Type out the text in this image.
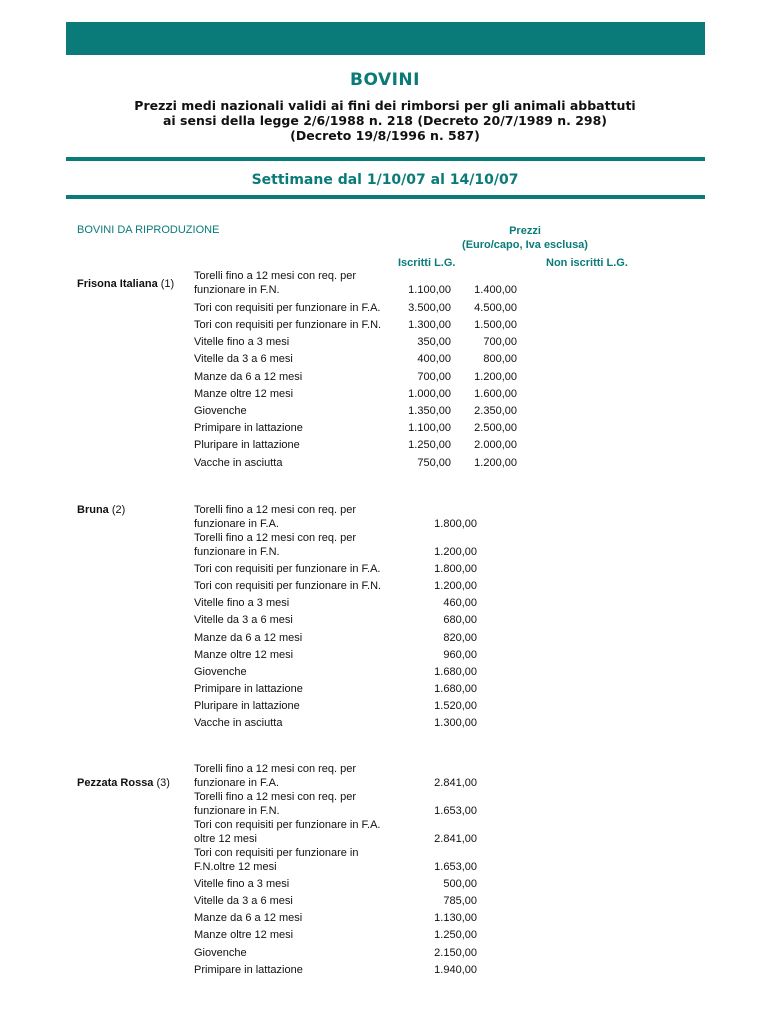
BOVINI
Prezzi medi nazionali validi ai fini dei rimborsi per gli animali abbattuti
ai sensi della legge 2/6/1988 n. 218 (Decreto 20/7/1989 n. 298)
(Decreto 19/8/1996 n. 587)
Settimane dal 1/10/07 al 14/10/07
BOVINI DA RIPRODUZIONE	Prezzi
(Euro/capo, Iva esclusa)
Iscritti L.G.	Non iscritti L.G.
Frisona Italiana (1)
Torelli fino a 12 mesi con req. per funzionare in F.N.	1.100,00	1.400,00
Tori con requisiti per funzionare in F.A.	3.500,00	4.500,00
Tori con requisiti per funzionare in F.N.	1.300,00	1.500,00
Vitelle fino a 3 mesi	350,00	700,00
Vitelle da 3 a 6 mesi	400,00	800,00
Manze da 6 a 12 mesi	700,00	1.200,00
Manze oltre 12 mesi	1.000,00	1.600,00
Giovenche	1.350,00	2.350,00
Primipare in lattazione	1.100,00	2.500,00
Pluripare in lattazione	1.250,00	2.000,00
Vacche in asciutta	750,00	1.200,00
Bruna (2)	Torelli fino a 12 mesi con req. per funzionare in F.A.	1.800,00
Torelli fino a 12 mesi con req. per funzionare in F.N.	1.200,00
Tori con requisiti per funzionare in F.A.	1.800,00
Tori con requisiti per funzionare in F.N.	1.200,00
Vitelle fino a 3 mesi	460,00
Vitelle da 3 a 6 mesi	680,00
Manze da 6 a 12 mesi	820,00
Manze oltre 12 mesi	960,00
Giovenche	1.680,00
Primipare in lattazione	1.680,00
Pluripare in lattazione	1.520,00
Vacche in asciutta	1.300,00
Pezzata Rossa (3)
Torelli fino a 12 mesi con req. per funzionare in F.A.	2.841,00
Torelli fino a 12 mesi con req. per funzionare in F.N.	1.653,00
Tori con requisiti per funzionare in F.A. oltre 12 mesi	2.841,00
Tori con requisiti per funzionare in F.N.oltre 12 mesi	1.653,00
Vitelle fino a 3 mesi	500,00
Vitelle da 3 a 6 mesi	785,00
Manze da 6 a 12 mesi	1.130,00
Manze oltre 12 mesi	1.250,00
Giovenche	2.150,00
Primipare in lattazione	1.940,00
